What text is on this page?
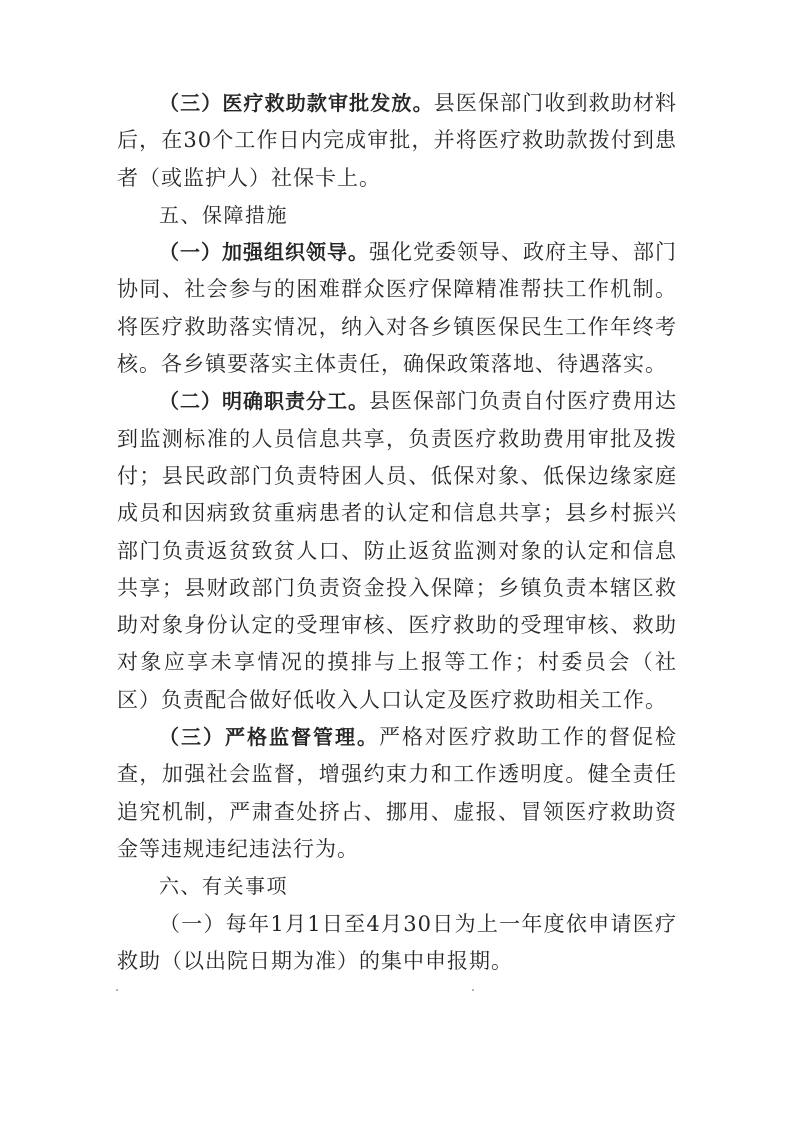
（三）医疗救助款审批发放。县医保部门收到救助材料后，在30个工作日内完成审批，并将医疗救助款拨付到患者（或监护人）社保卡上。

五、保障措施

（一）加强组织领导。强化党委领导、政府主导、部门协同、社会参与的困难群众医疗保障精准帮扶工作机制。将医疗救助落实情况，纳入对各乡镇医保民生工作年终考核。各乡镇要落实主体责任，确保政策落地、待遇落实。

（二）明确职责分工。县医保部门负责自付医疗费用达到监测标准的人员信息共享，负责医疗救助费用审批及拨付；县民政部门负责特困人员、低保对象、低保边缘家庭成员和因病致贫重病患者的认定和信息共享；县乡村振兴部门负责返贫致贫人口、防止返贫监测对象的认定和信息共享；县财政部门负责资金投入保障；乡镇负责本辖区救助对象身份认定的受理审核、医疗救助的受理审核、救助对象应享未享情况的摸排与上报等工作；村委员会（社区）负责配合做好低收入人口认定及医疗救助相关工作。

（三）严格监督管理。严格对医疗救助工作的督促检查，加强社会监督，增强约束力和工作透明度。健全责任追究机制，严肃查处挤占、挪用、虚报、冒领医疗救助资金等违规违纪违法行为。

六、有关事项

（一）每年1月1日至4月30日为上一年度依申请医疗救助（以出院日期为准）的集中申报期。
